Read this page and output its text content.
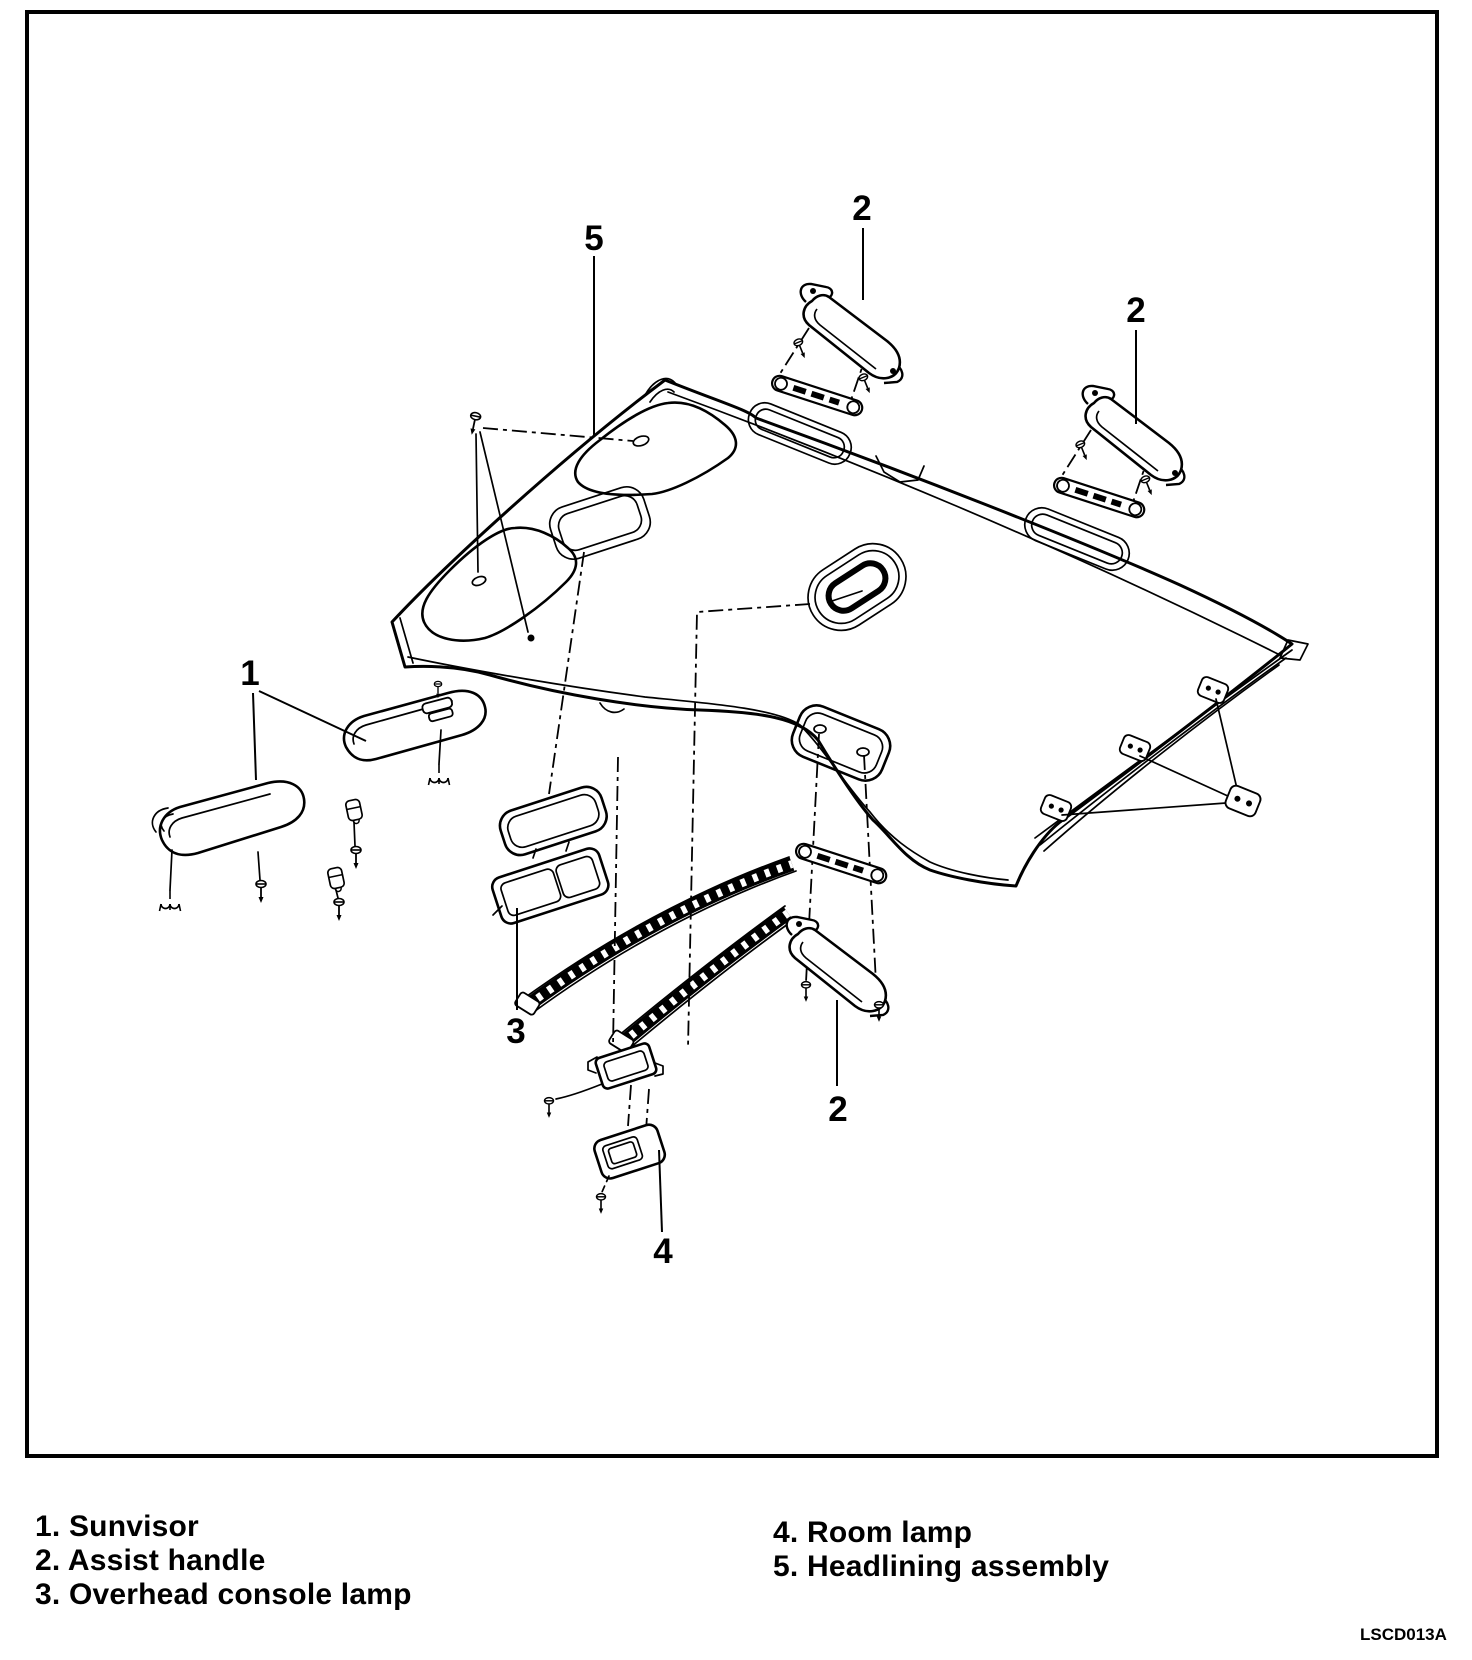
1
5
2
2
2
3
4
1. Sunvisor
2. Assist handle
3. Overhead console lamp
4. Room lamp
5. Headlining assembly
LSCD013A
